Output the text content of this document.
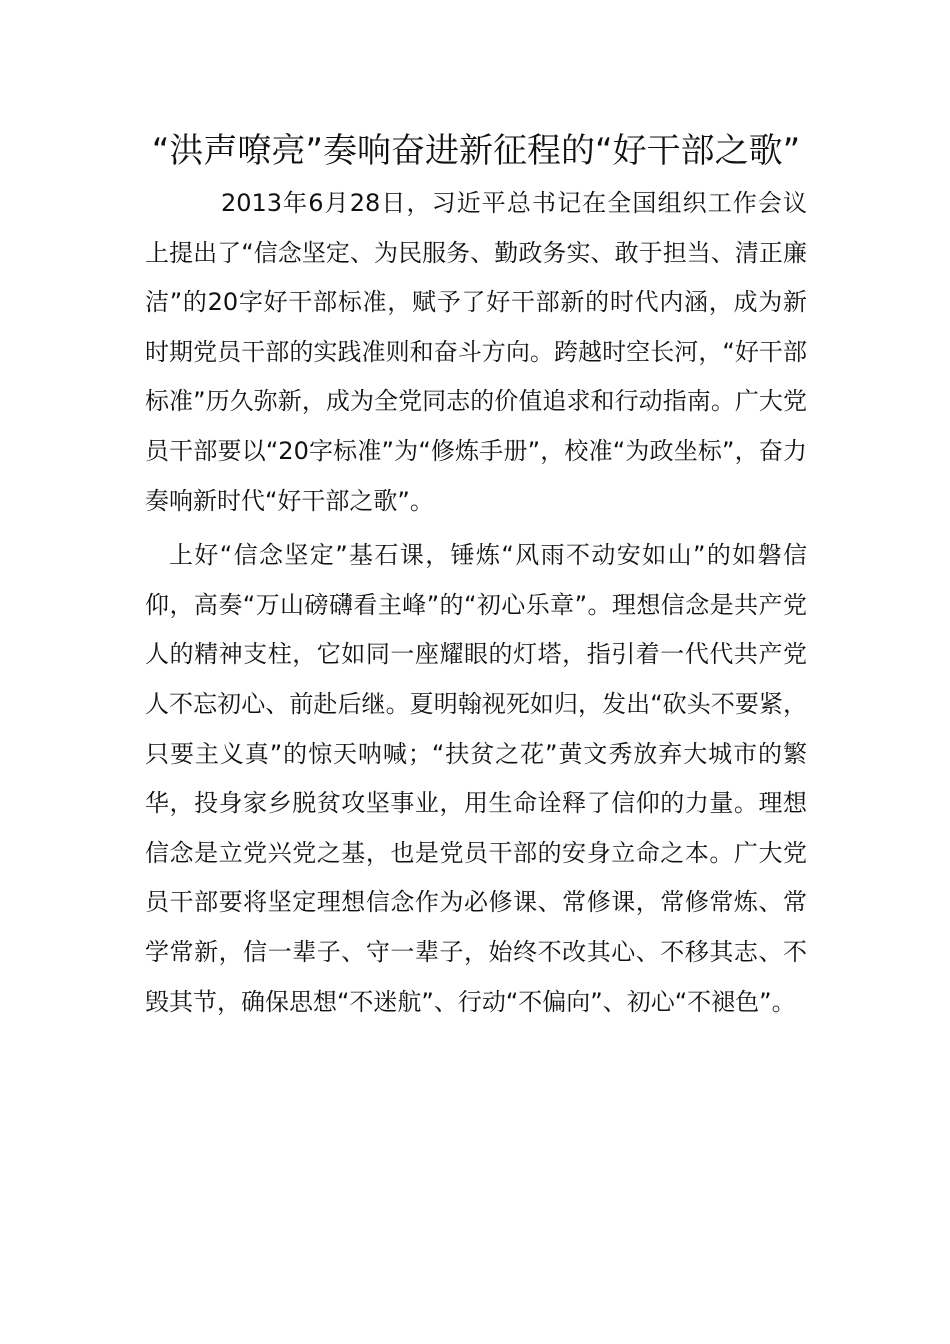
“洪声嘹亮”奏响奋进新征程的“好干部之歌”

2013年6月28日，习近平总书记在全国组织工作会议上提出了“信念坚定、为民服务、勤政务实、敢于担当、清正廉洁”的20字好干部标准，赋予了好干部新的时代内涵，成为新时期党员干部的实践准则和奋斗方向。跨越时空长河，“好干部标准”历久弥新，成为全党同志的价值追求和行动指南。广大党员干部要以“20字标准”为“修炼手册”，校准“为政坐标”，奋力奏响新时代“好干部之歌”。

上好“信念坚定”基石课，锤炼“风雨不动安如山”的如磐信仰，高奏“万山磅礴看主峰”的“初心乐章”。理想信念是共产党人的精神支柱，它如同一座耀眼的灯塔，指引着一代代共产党人不忘初心、前赴后继。夏明翰视死如归，发出“砍头不要紧，只要主义真”的惊天呐喊；“扶贫之花”黄文秀放弃大城市的繁华，投身家乡脱贫攻坚事业，用生命诠释了信仰的力量。理想信念是立党兴党之基，也是党员干部的安身立命之本。广大党员干部要将坚定理想信念作为必修课、常修课，常修常炼、常学常新，信一辈子、守一辈子，始终不改其心、不移其志、不毁其节，确保思想“不迷航”、行动“不偏向”、初心“不褪色”。
